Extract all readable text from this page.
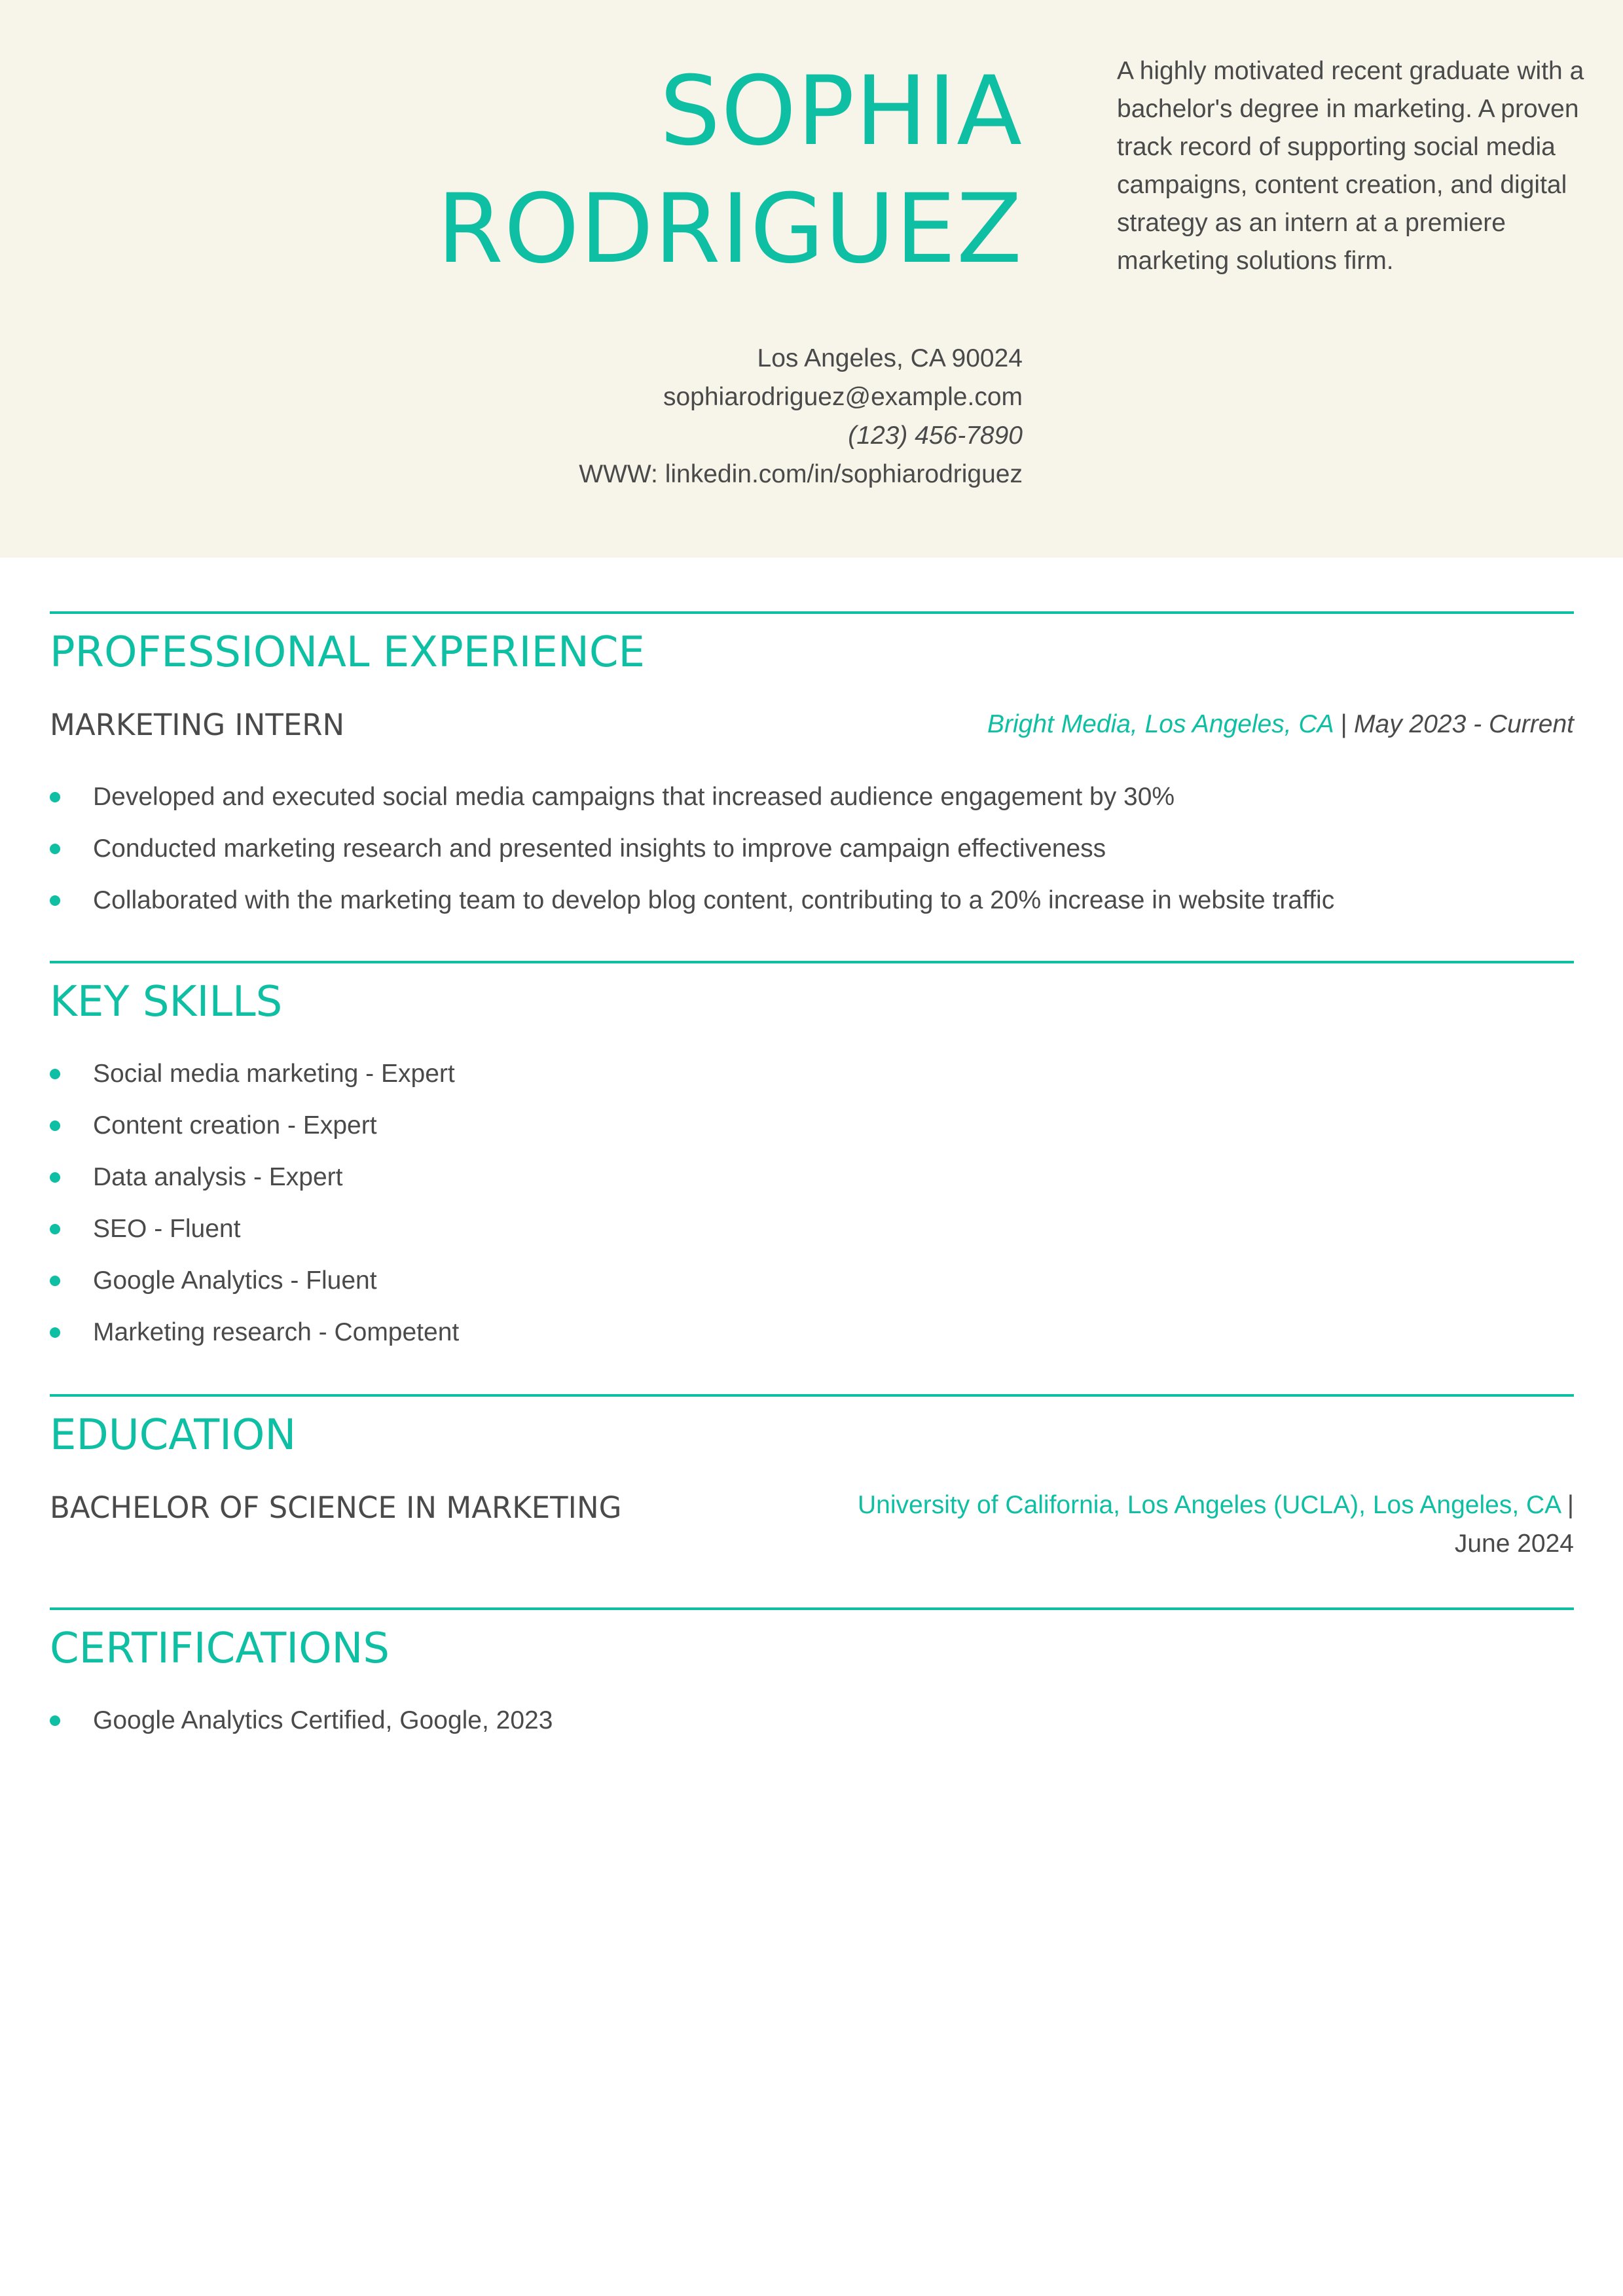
SOPHIA
RODRIGUEZ
Los Angeles, CA 90024
sophiarodriguez@example.com
(123) 456-7890
WWW: linkedin.com/in/sophiarodriguez
A highly motivated recent graduate with a bachelor's degree in marketing. A proven track record of supporting social media campaigns, content creation, and digital strategy as an intern at a premiere marketing solutions firm.
PROFESSIONAL EXPERIENCE
MARKETING INTERN	Bright Media, Los Angeles, CA | May 2023 - Current
Developed and executed social media campaigns that increased audience engagement by 30%
Conducted marketing research and presented insights to improve campaign effectiveness
Collaborated with the marketing team to develop blog content, contributing to a 20% increase in website traffic
KEY SKILLS
Social media marketing - Expert
Content creation - Expert
Data analysis - Expert
SEO - Fluent
Google Analytics - Fluent
Marketing research - Competent
EDUCATION
BACHELOR OF SCIENCE IN MARKETING	University of California, Los Angeles (UCLA), Los Angeles, CA |
June 2024
CERTIFICATIONS
Google Analytics Certified, Google, 2023
